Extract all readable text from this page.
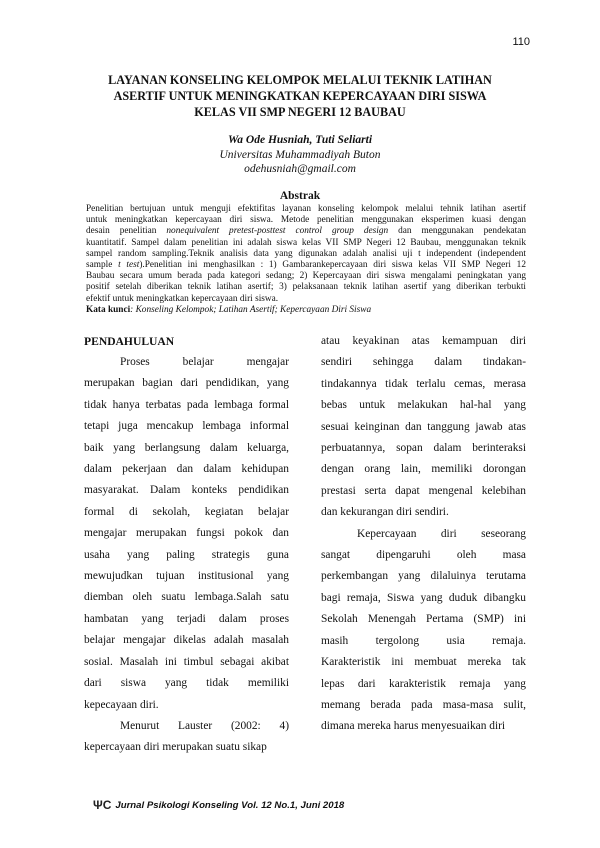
110
LAYANAN KONSELING KELOMPOK MELALUI TEKNIK LATIHAN
ASERTIF UNTUK MENINGKATKAN KEPERCAYAAN DIRI SISWA
KELAS VII SMP NEGERI 12 BAUBAU
Wa Ode Husniah, Tuti Seliarti
Universitas Muhammadiyah Buton
odehusniah@gmail.com
Abstrak
Penelitian bertujuan untuk menguji efektifitas layanan konseling kelompok melalui tehnik latihan asertif
untuk meningkatkan kepercayaan diri siswa. Metode penelitian menggunakan eksperimen kuasi dengan
desain penelitian nonequivalent pretest-posttest control group design dan menggunakan pendekatan
kuantitatif. Sampel dalam penelitian ini adalah siswa kelas VII SMP Negeri 12 Baubau, menggunakan teknik
sampel random sampling.Teknik analisis data yang digunakan adalah analisi uji t independent (independent
sample t test).Penelitian ini menghasilkan : 1) Gambarankepercayaan diri siswa kelas VII SMP Negeri 12
Baubau secara umum berada pada kategori sedang; 2) Kepercayaan diri siswa mengalami peningkatan yang
positif setelah diberikan teknik latihan asertif; 3) pelaksanaan teknik latihan asertif yang diberikan terbukti
efektif untuk meningkatkan kepercayaan diri siswa.
Kata kunci: Konseling Kelompok; Latihan Asertif; Kepercayaan Diri Siswa
PENDAHULUAN
Proses belajar mengajar
merupakan bagian dari pendidikan, yang
tidak hanya terbatas pada lembaga formal
tetapi juga mencakup lembaga informal
baik yang berlangsung dalam keluarga,
dalam pekerjaan dan dalam kehidupan
masyarakat. Dalam konteks pendidikan
formal di sekolah, kegiatan belajar
mengajar merupakan fungsi pokok dan
usaha yang paling strategis guna
mewujudkan tujuan institusional yang
diemban oleh suatu lembaga.Salah satu
hambatan yang terjadi dalam proses
belajar mengajar dikelas adalah masalah
sosial. Masalah ini timbul sebagai akibat
dari siswa yang tidak memiliki
kepecayaan diri.
Menurut Lauster (2002: 4)
kepercayaan diri merupakan suatu sikap
atau keyakinan atas kemampuan diri
sendiri sehingga dalam tindakan-
tindakannya tidak terlalu cemas, merasa
bebas untuk melakukan hal-hal yang
sesuai keinginan dan tanggung jawab atas
perbuatannya, sopan dalam berinteraksi
dengan orang lain, memiliki dorongan
prestasi serta dapat mengenal kelebihan
dan kekurangan diri sendiri.
Kepercayaan diri seseorang
sangat dipengaruhi oleh masa
perkembangan yang dilaluinya terutama
bagi remaja, Siswa yang duduk dibangku
Sekolah Menengah Pertama (SMP) ini
masih tergolong usia remaja.
Karakteristik ini membuat mereka tak
lepas dari karakteristik remaja yang
memang berada pada masa-masa sulit,
dimana mereka harus menyesuaikan diri
ΨC Jurnal Psikologi Konseling Vol. 12 No.1, Juni 2018
